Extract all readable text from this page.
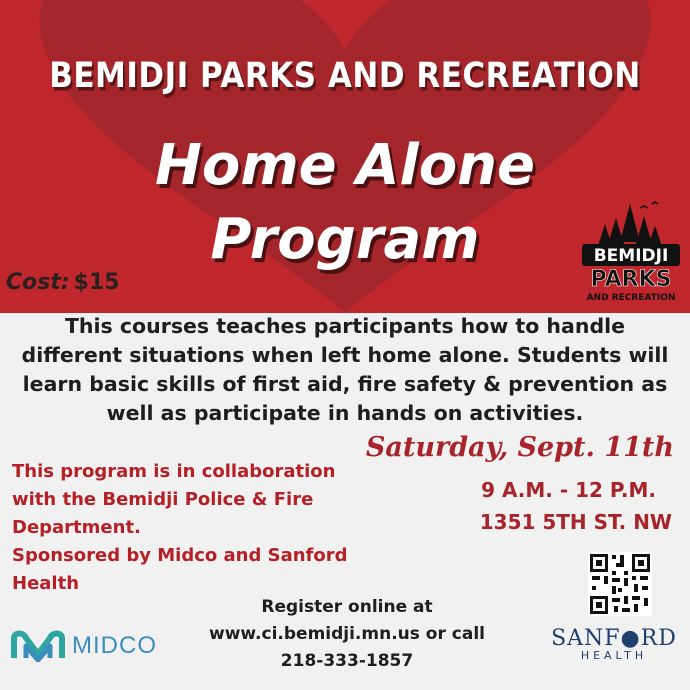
BEMIDJI PARKS AND RECREATION
Home Alone
Program
Cost: $15
BEMIDJI
PARKS
AND RECREATION
This courses teaches participants how to handle
different situations when left home alone. Students will
learn basic skills of first aid, fire safety & prevention as
well as participate in hands on activities.
This program is in collaboration
with the Bemidji Police & Fire
Department.
Sponsored by Midco and Sanford
Health
Saturday, Sept. 11th
9 A.M. - 12 P.M.
1351 5TH ST. NW
Register online at
www.ci.bemidji.mn.us or call
218-333-1857
MIDCO	SANF●RD
HEALTH
